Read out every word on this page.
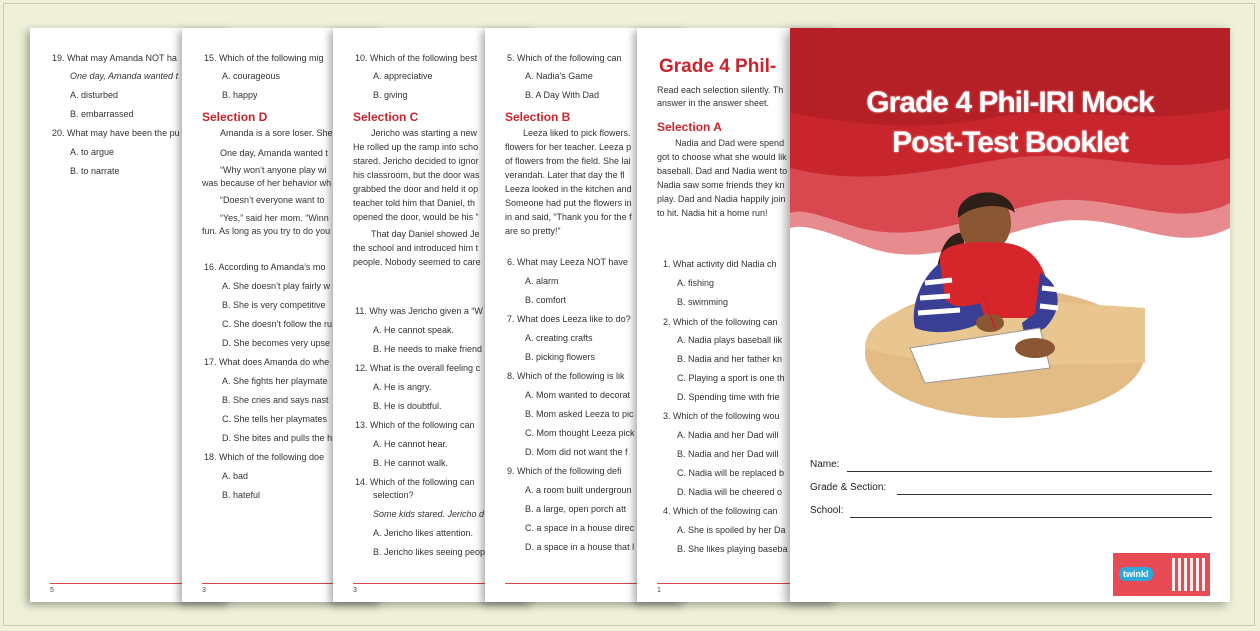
19. What may Amanda NOT ha
One day, Amanda wanted t
A. disturbed
B. embarrassed
20. What may have been the pu
A. to argue
B. to narrate
5
15. Which of the following mig
A. courageous
B. happy
Selection D
Amanda is a sore loser. She
One day, Amanda wanted t
“Why won’t anyone play wi
was because of her behavior wh
“Doesn’t everyone want to
“Yes,” said her mom. “Winn
fun. As long as you try to do you
16. According to Amanda’s mo
A. She doesn’t play fairly w
B. She is very competitive
C. She doesn’t follow the ru
D. She becomes very upse
17. What does Amanda do whe
A. She fights her playmate
B. She cries and says nast
C. She tells her playmates
D. She bites and pulls the h
18. Which of the following doe
A. bad
B. hateful
3
10. Which of the following best
A. appreciative
B. giving
Selection C
Jericho was starting a new
He rolled up the ramp into scho
stared. Jericho decided to ignor
his classroom, but the door was
grabbed the door and held it op
teacher told him that Daniel, th
opened the door, would be his “
That day Daniel showed Je
the school and introduced him t
people. Nobody seemed to care
11. Why was Jericho given a “W
A. He cannot speak.
B. He needs to make friend
12. What is the overall feeling c
A. He is angry.
B. He is doubtful.
13. Which of the following can
A. He cannot hear.
B. He cannot walk.
14. Which of the following can
selection?
Some kids stared. Jericho d
A. Jericho likes attention.
B. Jericho likes seeing peop
3
5. Which of the following can
A. Nadia's Game
B. A Day With Dad
Selection B
Leeza liked to pick flowers.
flowers for her teacher. Leeza p
of flowers from the field. She lai
verandah. Later that day the fl
Leeza looked in the kitchen and
Someone had put the flowers in
in and said, “Thank you for the f
are so pretty!”
6. What may Leeza NOT have
A. alarm
B. comfort
7. What does Leeza like to do?
A. creating crafts
B. picking flowers
8. Which of the following is lik
A. Mom wanted to decorat
B. Mom asked Leeza to pic
C. Mom thought Leeza pick
D. Mom did not want the f
9. Which of the following defi
A. a room built undergroun
B. a large, open porch att
C. a space in a house direc
D. a space in a house that l
Grade 4 Phil-
Read each selection silently. Th
answer in the answer sheet.
Selection A
Nadia and Dad were spend
got to choose what she would lik
baseball. Dad and Nadia went to
Nadia saw some friends they kn
play. Dad and Nadia happily join
to hit. Nadia hit a home run!
1. What activity did Nadia ch
A. fishing
B. swimming
2. Which of the following can
A. Nadia plays baseball lik
B. Nadia and her father kn
C. Playing a sport is one th
D. Spending time with frie
3. Which of the following wou
A. Nadia and her Dad will
B. Nadia and her Dad will
C. Nadia will be replaced b
D. Nadia will be cheered o
4. Which of the following can
A. She is spoiled by her Da
B. She likes playing baseba
1
Grade 4 Phil-IRI Mock
Post-Test Booklet
Name:
Grade & Section:
School:
twinkl
